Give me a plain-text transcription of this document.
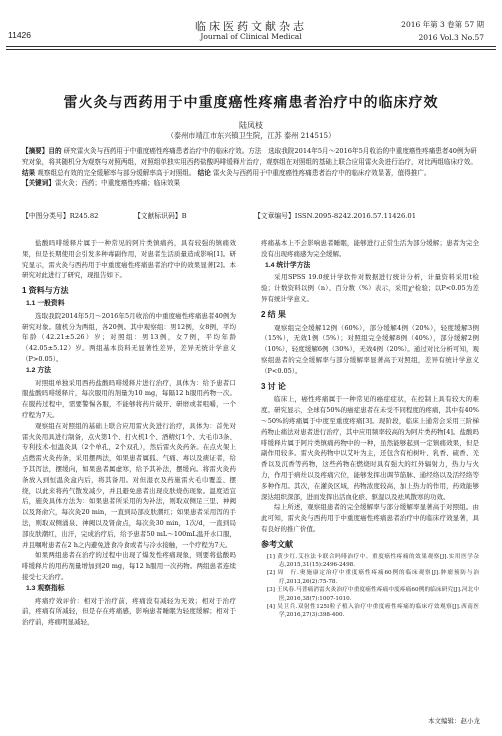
11426
临床医药文献杂志
Journal of Clinical Medical
2016 年第 3 卷第 57 期
2016 Vol.3 No.57
雷火灸与西药用于中重度癌性疼痛患者治疗中的临床疗效
陆凤枝
（泰州市靖江市东兴镇卫生院，江苏 泰州 214515）
【摘要】目的 研究雷火灸与西药用于中重度癌性疼痛患者治疗中的临床疗效。方法　选取我院2014年5月～2016年5月收治的中重度癌性疼痛患者40例为研究对象，将其随机分为观察与对照两组，对照组单独实用西药盐酸吗啡缓释片治疗，观察组在对照组的基础上联合应用雷火灸进行治疗，对比两组临床疗效。 结果 观察组总有效的完全缓解率与部分缓解率高于对照组。 结论 雷火灸与西药用于中重度癌性疼痛患者治疗中的临床疗效显著，值得推广。
【关键词】雷火灸；西药；中重度癌性疼痛；临床效果
【中图分类号】R245.82	【文献标识码】B	【文章编号】ISSN.2095-8242.2016.57.11426.01

盐酸吗啡缓释片属于一种常见的阿片类镇痛药，具有较强的镇痛效果，但是长期使用会引发多种毒副作用，对患者生活质量造成影响[1]。研究显示，雷火灸与西药用于中重度癌性疼痛患者治疗中的效果显著[2]。本研究对此进行了研究，现报告如下。

1 资料与方法
1.1 一般资料

选取我院2014年5月～2016年5月收治的中重度癌性疼痛患者40例为研究对象。随机分为两组，各20例。其中观察组：男12例，女8例，平均年龄（42.21±5.26）岁；对照组：男13例，女7例，平均年龄（42.05±5.12）岁。两组基本资料无显著性差异，差异无统计学意义（P>0.05）。

1.2 方法

对照组单独采用西药盐酸吗啡缓释片进行治疗，具体为：给予患者口服盐酸吗啡缓释片，每次服用的剂量为10 mg，每隔12 h服用药物一次。在服药过程中，需要警惕各服，不能够将药片破开、研磨或者咀嚼，一个疗程为7天。

观察组在对照组的基础上联合应用雷火灸进行治疗，具体为：首先对雷火灸用具进行制备，点火第1个、打火机1个、酒精灯1个、大毛巾3条、专利技术-恒温灸具（2个单孔，2个双孔），然后雷火灸药条。在点火架上点燃雷火灸药条，采用摆两法，如果患者属狐、气痛、毒以及痰证者，给予其泻法，摆缓向，如果患者属虚寒，给予其补法，摆缓向。将雷火灸药条放入到恒温灸盒内后，将其备用。对但湿衣及药施雷火毛巾覆盖、摆绕，以此来将药气散发减少，并且避免患者出现皮肤烧伤现象。温度适宜后，施灸具体方法为：如果患者所采用的为补法，则取双侧足三里、神阙以及肾俞穴，每次灸20 min，一直到局部皮肤潮红；如果患者采用泻的手法，则取双侧涌泉、神阙以及肾俞点，每次灸30 min，1次/d，一直到局部皮肤潮红，出汗，完成治疗后，给予患者50 mL～100mL温开水口服，并且嘱咐患者在2 h之内避免进食冷食或者与冷水接触，一个疗程为7天。

如果两组患者在治疗的过程中出现了爆发性疼痛现象，则要将盐酸吗啡缓释片的用药剂量增加到20 mg，每12 h服用一次药物。两组患者连续接受七天治疗。

1.3 观察指标

疼痛疗效评价：相对于治疗前，疼痛没有减轻为无效；相对于治疗前，疼痛有所减轻，但是存在疼痛感，影响患者睡眠为轻度缓解；相对于治疗前，疼痛明显减轻，

疼痛基本上不会影响患者睡眠，能够进行正常生活为部分缓解；患者为完全没有出现疼痛感为完全缓解。

1.4 统计学方法

采用SPSS 19.0统计学软件对数据进行统计分析，计量资料采用t检验；计数资料以例（n）、百分数（%）表示，采用χ²检验；以P<0.05为差异有统计学意义。

2 结 果

观察组完全缓解12例（60%），部分缓解4例（20%），轻度缓解3例（15%），无效1例（5%）；对照组完全缓解8例（40%），部分缓解2例（10%），轻度缓解6例（30%），无效4例（20%）。通过对比分析可知，观察组患者的完全缓解率与部分缓解率显著高于对照组，差异有统计学意义（P<0.05）。

3 讨 论

临床上，癌性疼痛属于一种常见的癌症症状，在控制上具有较大的难度。研究显示，全球有50%的癌症患者在未受不同程度的疼痛，其中有40%～50%的疼痛属于中度至重度疼痛[3]。现阶段，临床上通常会采用三阶梯药物止痛法对患者进行治疗，其中应用频率较高的为阿片类药物[4]。盐酸吗啡缓释片属于阿片类镇痛药物中的一种，虽然能够起到一定镇痛效果，但是副作用较多。雷火灸药物中以艾叶为主，还包含有柏树叶、乳香、硫香、羌香以及沉香等药物，这些药物在燃烧时具有强大的红外辐射力，热力与火力，作用于病灶以及疼痛穴位，能够发挥出调节筋脉、通经络以及活经络等多种作用。其次，在灌灸区域，药物浓度较高，加上热力的作用，药效能够深达组织深部，进而发挥出活血化瘀、驱湿以及祛风散寒的功效。

综上所述，观察组患者的完全缓解率与部分缓解率显著高于对照组。由此可知，雷火灸与西药用于中重度癌性疼痛患者治疗中的临床疗效显著，具有良好的推广价值。

参考文献
[1] 黄少红.艾拉法卡联合吗啡治疗中、重度癌性疼痛的效果观察[J].实用医学杂志,2015,31(15):2496-2498.
[2] 周　行.奥施康定治疗中重度癌性疼痛60例的临床观察[J].肿瘤预防与治疗,2013,26(2):75-78.
[3] 王凤春.马普痛消雷火灸治疗中重度癌性疼痛中度疼痛60例的临床研究[J].河北中医,2016,38(7):1007-1010.
[4] 吴卫兵.双射性125I粒子植入治疗中重度癌性疼痛的临床疗效观察[J].西南医学,2016,27(3):398-400.
本文编辑：赵小龙
